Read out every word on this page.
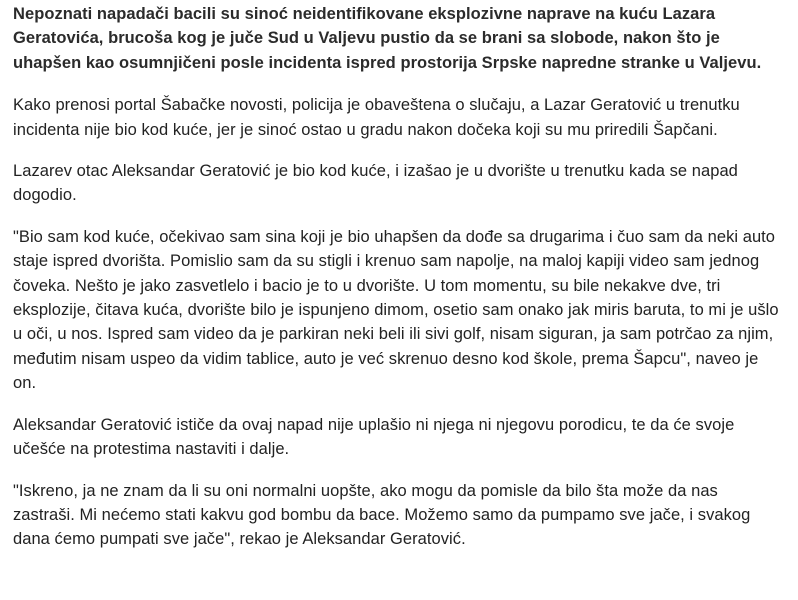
Nepoznati napadači bacili su sinoć neidentifikovane eksplozivne naprave na kuću Lazara Geratovića, brucoša kog je juče Sud u Valjevu pustio da se brani sa slobode, nakon što je uhapšen kao osumnjičeni posle incidenta ispred prostorija Srpske napredne stranke u Valjevu.

Kako prenosi portal Šabačke novosti, policija je obaveštena o slučaju, a Lazar Geratović u trenutku incidenta nije bio kod kuće, jer je sinoć ostao u gradu nakon dočeka koji su mu priredili Šapčani.

Lazarev otac Aleksandar Geratović je bio kod kuće, i izašao je u dvorište u trenutku kada se napad dogodio.

"Bio sam kod kuće, očekivao sam sina koji je bio uhapšen da dođe sa drugarima i čuo sam da neki auto staje ispred dvorišta. Pomislio sam da su stigli i krenuo sam napolje, na maloj kapiji video sam jednog čoveka. Nešto je jako zasvetlelo i bacio je to u dvorište. U tom momentu, su bile nekakve dve, tri eksplozije, čitava kuća, dvorište bilo je ispunjeno dimom, osetio sam onako jak miris baruta, to mi je ušlo u oči, u nos. Ispred sam video da je parkiran neki beli ili sivi golf, nisam siguran, ja sam potrčao za njim, međutim nisam uspeo da vidim tablice, auto je već skrenuo desno kod škole, prema Šapcu", naveo je on.

Aleksandar Geratović ističe da ovaj napad nije uplašio ni njega ni njegovu porodicu, te da će svoje učešće na protestima nastaviti i dalje.

"Iskreno, ja ne znam da li su oni normalni uopšte, ako mogu da pomisle da bilo šta može da nas zastraši. Mi nećemo stati kakvu god bombu da bace. Možemo samo da pumpamo sve jače, i svakog dana ćemo pumpati sve jače", rekao je Aleksandar Geratović.
